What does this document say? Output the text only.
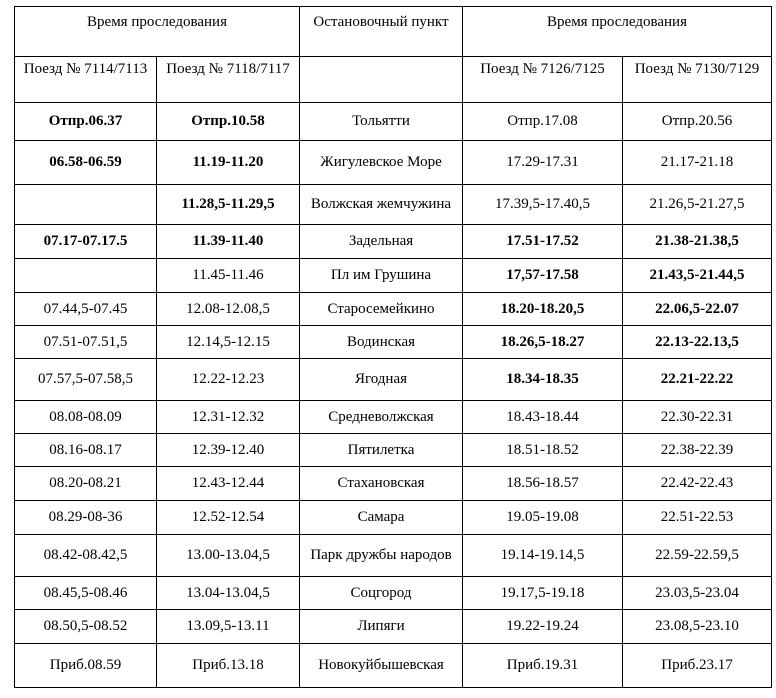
Время проследования		Остановочный пункт	Время проследования	
Поезд № 7114/7113	Поезд № 7118/7117		Поезд № 7126/7125	Поезд № 7130/7129
Отпр.06.37	Отпр.10.58	Тольятти	Отпр.17.08	Отпр.20.56
06.58-06.59	11.19-11.20	Жигулевское Море	17.29-17.31	21.17-21.18
	11.28,5-11.29,5	Волжская жемчужина	17.39,5-17.40,5	21.26,5-21.27,5
07.17-07.17.5	11.39-11.40	Задельная	17.51-17.52	21.38-21.38,5
	11.45-11.46	Пл им Грушина	17,57-17.58	21.43,5-21.44,5
07.44,5-07.45	12.08-12.08,5	Старосемейкино	18.20-18.20,5	22.06,5-22.07
07.51-07.51,5	12.14,5-12.15	Водинская	18.26,5-18.27	22.13-22.13,5
07.57,5-07.58,5	12.22-12.23	Ягодная	18.34-18.35	22.21-22.22
08.08-08.09	12.31-12.32	Средневолжская	18.43-18.44	22.30-22.31
08.16-08.17	12.39-12.40	Пятилетка	18.51-18.52	22.38-22.39
08.20-08.21	12.43-12.44	Стахановская	18.56-18.57	22.42-22.43
08.29-08-36	12.52-12.54	Самара	19.05-19.08	22.51-22.53
08.42-08.42,5	13.00-13.04,5	Парк дружбы народов	19.14-19.14,5	22.59-22.59,5
08.45,5-08.46	13.04-13.04,5	Соцгород	19.17,5-19.18	23.03,5-23.04
08.50,5-08.52	13.09,5-13.11	Липяги	19.22-19.24	23.08,5-23.10
Приб.08.59	Приб.13.18	Новокуйбышевская	Приб.19.31	Приб.23.17
